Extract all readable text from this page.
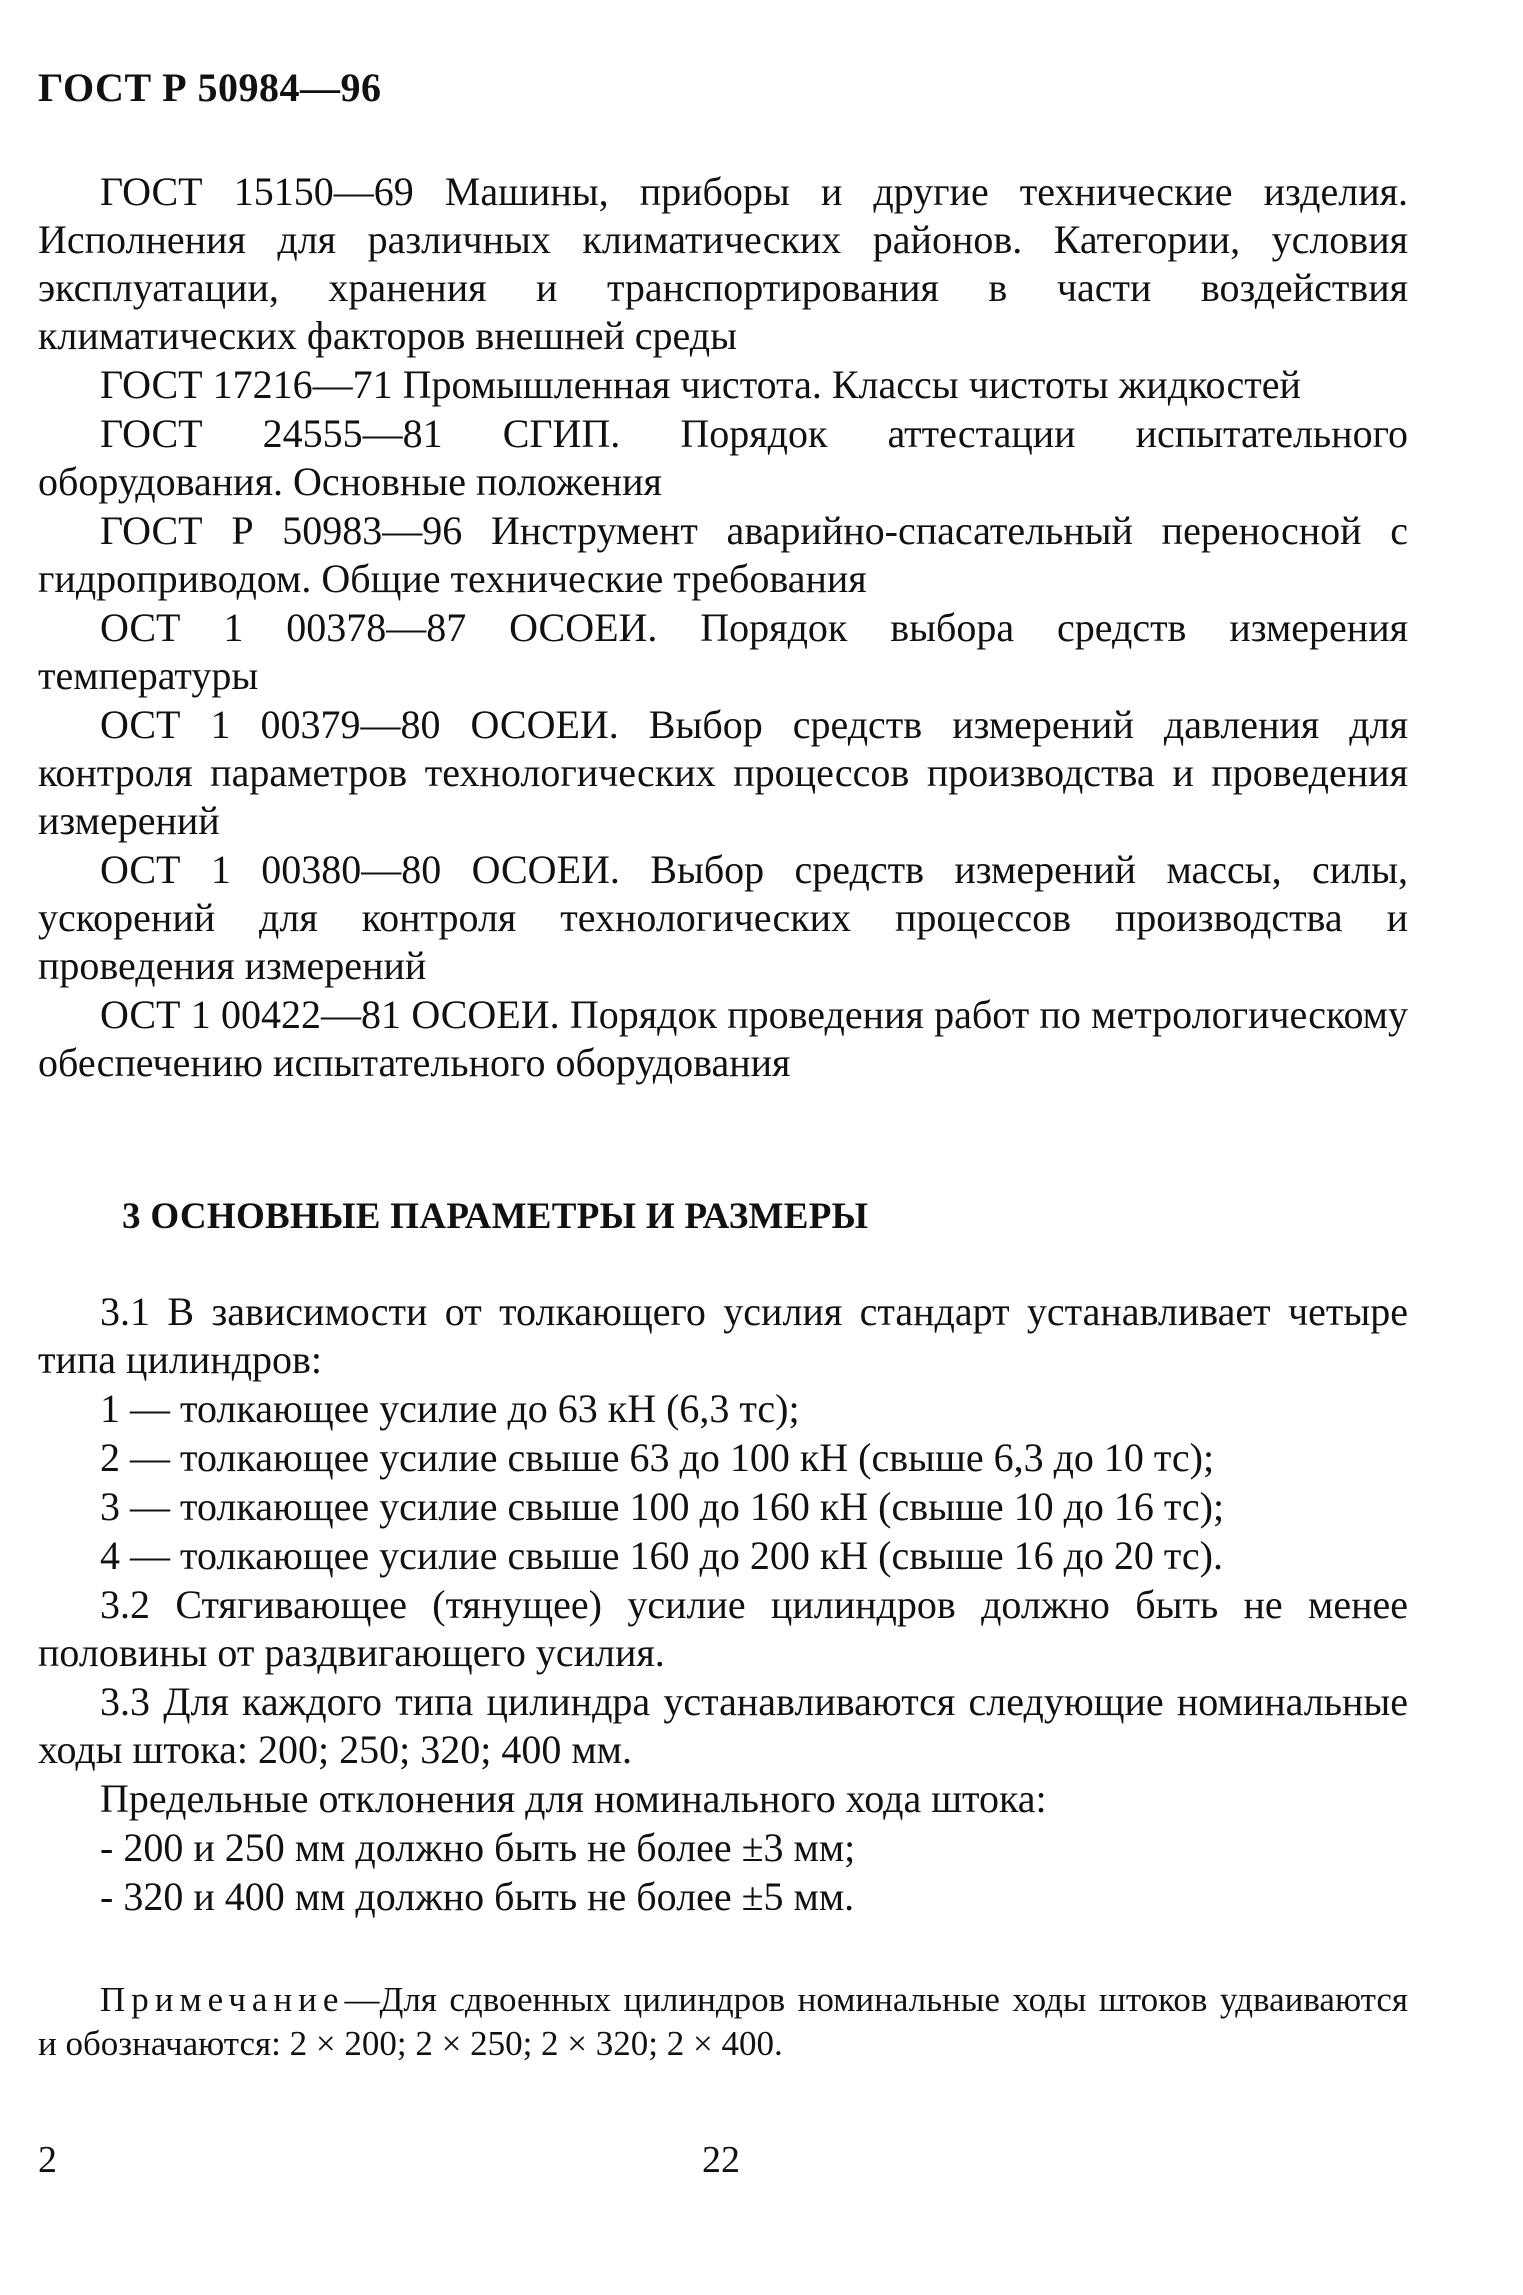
ГОСТ Р 50984—96

ГОСТ 15150—69 Машины, приборы и другие технические изделия. Исполнения для различных климатических районов. Категории, условия эксплуатации, хранения и транспортирования в части воздействия климатических факторов внешней среды

ГОСТ 17216—71 Промышленная чистота. Классы чистоты жидкостей

ГОСТ 24555—81 СГИП. Порядок аттестации испытательного оборудования. Основные положения

ГОСТ Р 50983—96 Инструмент аварийно-спасательный переносной с гидроприводом. Общие технические требования

ОСТ 1 00378—87 ОСОЕИ. Порядок выбора средств измерения температуры

ОСТ 1 00379—80 ОСОЕИ. Выбор средств измерений давления для контроля параметров технологических процессов производства и проведения измерений

ОСТ 1 00380—80 ОСОЕИ. Выбор средств измерений массы, силы, ускорений для контроля технологических процессов производства и проведения измерений

ОСТ 1 00422—81 ОСОЕИ. Порядок проведения работ по метрологическому обеспечению испытательного оборудования

3 ОСНОВНЫЕ ПАРАМЕТРЫ И РАЗМЕРЫ

3.1 В зависимости от толкающего усилия стандарт устанавливает четыре типа цилиндров:

1 — толкающее усилие до 63 кН (6,3 тс);

2 — толкающее усилие свыше 63 до 100 кН (свыше 6,3 до 10 тс);

3 — толкающее усилие свыше 100 до 160 кН (свыше 10 до 16 тс);

4 — толкающее усилие свыше 160 до 200 кН (свыше 16 до 20 тс).

3.2 Стягивающее (тянущее) усилие цилиндров должно быть не менее половины от раздвигающего усилия.

3.3 Для каждого типа цилиндра устанавливаются следующие номинальные ходы штока: 200; 250; 320; 400 мм.

Предельные отклонения для номинального хода штока:

- 200 и 250 мм должно быть не более ±3 мм;

- 320 и 400 мм должно быть не более ±5 мм.

Примечание—Для сдвоенных цилиндров номинальные ходы штоков удваиваются и обозначаются: 2 × 200; 2 × 250; 2 × 320; 2 × 400.
2	22
